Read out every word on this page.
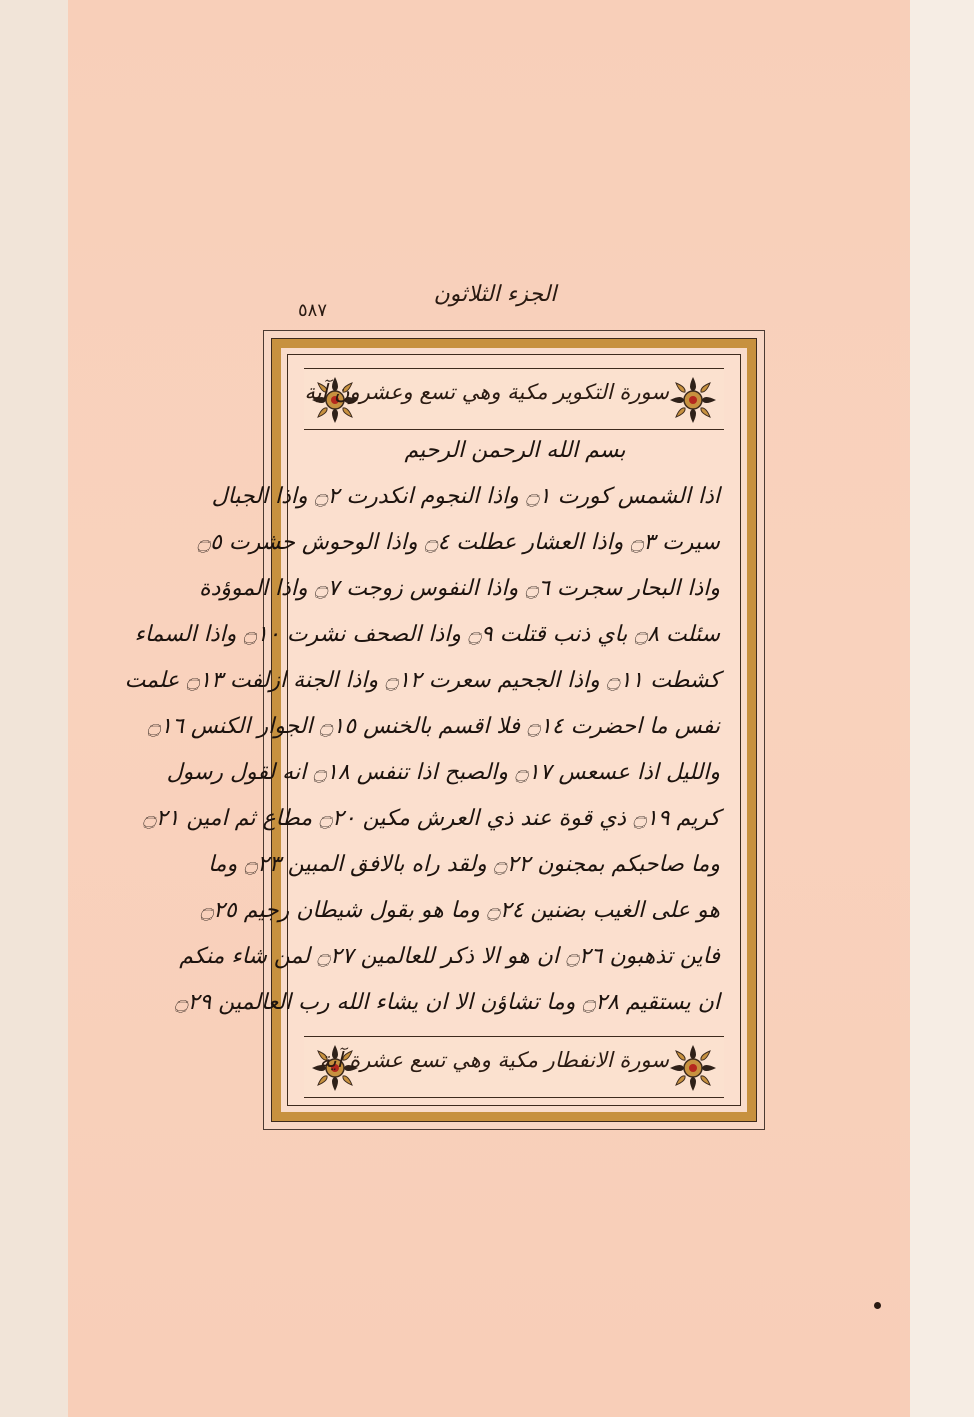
الجزء الثلاثون
٥٨٧
سورة التكوير مكية وهي تسع وعشرون آية
بسم الله الرحمن الرحيم
اذا الشمس كورت ۝١ واذا النجوم انكدرت ۝٢ واذا الجبال
سيرت ۝٣ واذا العشار عطلت ۝٤ واذا الوحوش حشرت ۝٥
واذا البحار سجرت ۝٦ واذا النفوس زوجت ۝٧ واذا الموؤدة
سئلت ۝٨ باي ذنب قتلت ۝٩ واذا الصحف نشرت ۝١٠ واذا السماء
كشطت ۝١١ واذا الجحيم سعرت ۝١٢ واذا الجنة ازلفت ۝١٣ علمت
نفس ما احضرت ۝١٤ فلا اقسم بالخنس ۝١٥ الجوار الكنس ۝١٦
والليل اذا عسعس ۝١٧ والصبح اذا تنفس ۝١٨ انه لقول رسول
كريم ۝١٩ ذي قوة عند ذي العرش مكين ۝٢٠ مطاع ثم امين ۝٢١
وما صاحبكم بمجنون ۝٢٢ ولقد راه بالافق المبين ۝٢٣ وما
هو على الغيب بضنين ۝٢٤ وما هو بقول شيطان رجيم ۝٢٥
فاين تذهبون ۝٢٦ ان هو الا ذكر للعالمين ۝٢٧ لمن شاء منكم
ان يستقيم ۝٢٨ وما تشاؤن الا ان يشاء الله رب العالمين ۝٢٩
سورة الانفطار مكية وهي تسع عشرة آية
